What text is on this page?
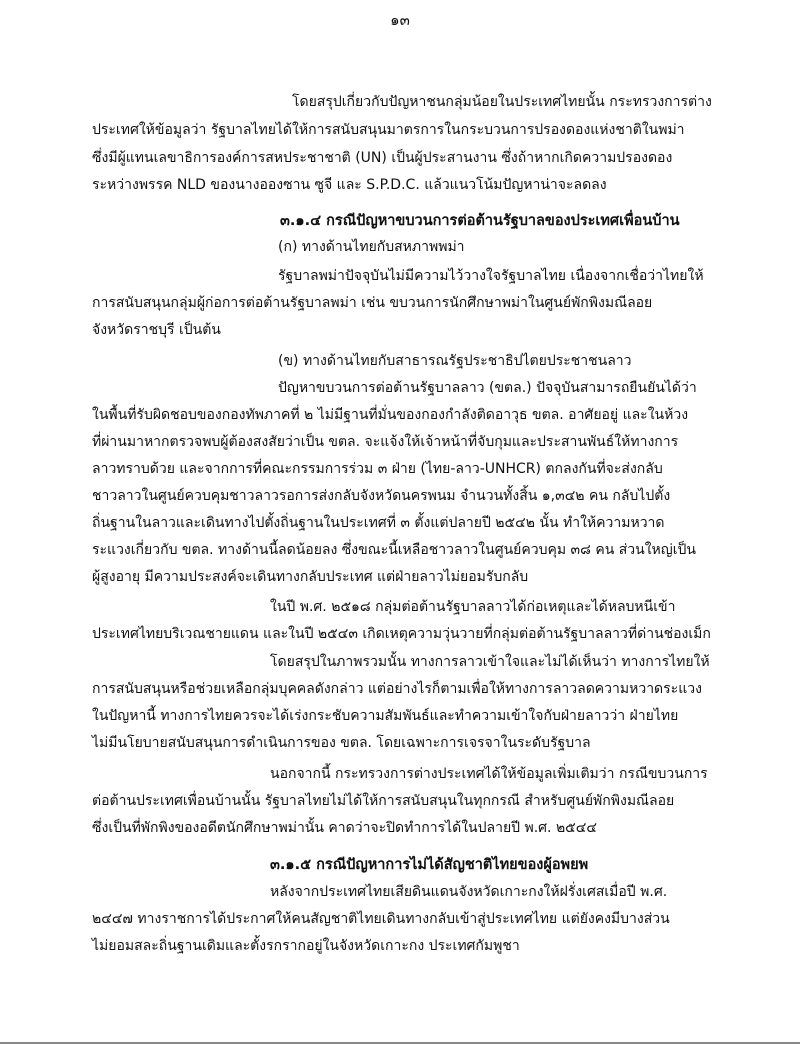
๑๓
โดยสรุปเกี่ยวกับปัญหาชนกลุ่มน้อยในประเทศไทยนั้น กระทรวงการต่าง
ประเทศให้ข้อมูลว่า รัฐบาลไทยได้ให้การสนับสนุนมาตรการในกระบวนการปรองดองแห่งชาติในพม่า
ซึ่งมีผู้แทนเลขาธิการองค์การสหประชาชาติ (UN) เป็นผู้ประสานงาน ซึ่งถ้าหากเกิดความปรองดอง
ระหว่างพรรค NLD ของนางอองซาน ซูจี และ S.P.D.C. แล้วแนวโน้มปัญหาน่าจะลดลง
๓.๑.๔ กรณีปัญหาขบวนการต่อต้านรัฐบาลของประเทศเพื่อนบ้าน
(ก) ทางด้านไทยกับสหภาพพม่า
รัฐบาลพม่าปัจจุบันไม่มีความไว้วางใจรัฐบาลไทย เนื่องจากเชื่อว่าไทยให้
การสนับสนุนกลุ่มผู้ก่อการต่อต้านรัฐบาลพม่า เช่น ขบวนการนักศึกษาพม่าในศูนย์พักพิงมณีลอย
จังหวัดราชบุรี เป็นต้น
(ข) ทางด้านไทยกับสาธารณรัฐประชาธิปไตยประชาชนลาว
ปัญหาขบวนการต่อต้านรัฐบาลลาว (ขตล.) ปัจจุบันสามารถยืนยันได้ว่า
ในพื้นที่รับผิดชอบของกองทัพภาคที่ ๒ ไม่มีฐานที่มั่นของกองกำลังติดอาวุธ ขตล. อาศัยอยู่ และในห้วง
ที่ผ่านมาหากตรวจพบผู้ต้องสงสัยว่าเป็น ขตล. จะแจ้งให้เจ้าหน้าที่จับกุมและประสานพันธ์ให้ทางการ
ลาวทราบด้วย และจากการที่คณะกรรมการร่วม ๓ ฝ่าย (ไทย-ลาว-UNHCR) ตกลงกันที่จะส่งกลับ
ชาวลาวในศูนย์ควบคุมชาวลาวรอการส่งกลับจังหวัดนครพนม จำนวนทั้งสิ้น ๑,๓๔๒ คน กลับไปตั้ง
ถิ่นฐานในลาวและเดินทางไปตั้งถิ่นฐานในประเทศที่ ๓ ตั้งแต่ปลายปี ๒๕๔๒ นั้น ทำให้ความหวาด
ระแวงเกี่ยวกับ ขตล. ทางด้านนี้ลดน้อยลง ซึ่งขณะนี้เหลือชาวลาวในศูนย์ควบคุม ๓๘ คน ส่วนใหญ่เป็น
ผู้สูงอายุ มีความประสงค์จะเดินทางกลับประเทศ แต่ฝ่ายลาวไม่ยอมรับกลับ
ในปี พ.ศ. ๒๕๑๘ กลุ่มต่อต้านรัฐบาลลาวได้ก่อเหตุและได้หลบหนีเข้า
ประเทศไทยบริเวณชายแดน และในปี ๒๕๔๓ เกิดเหตุความวุ่นวายที่กลุ่มต่อต้านรัฐบาลลาวที่ด่านช่องเม็ก
โดยสรุปในภาพรวมนั้น ทางการลาวเข้าใจและไม่ได้เห็นว่า ทางการไทยให้
การสนับสนุนหรือช่วยเหลือกลุ่มบุคคลดังกล่าว แต่อย่างไรก็ตามเพื่อให้ทางการลาวลดความหวาดระแวง
ในปัญหานี้ ทางการไทยควรจะได้เร่งกระชับความสัมพันธ์และทำความเข้าใจกับฝ่ายลาวว่า ฝ่ายไทย
ไม่มีนโยบายสนับสนุนการดำเนินการของ ขตล. โดยเฉพาะการเจรจาในระดับรัฐบาล
นอกจากนี้ กระทรวงการต่างประเทศได้ให้ข้อมูลเพิ่มเติมว่า กรณีขบวนการ
ต่อต้านประเทศเพื่อนบ้านนั้น รัฐบาลไทยไม่ได้ให้การสนับสนุนในทุกกรณี สำหรับศูนย์พักพิงมณีลอย
ซึ่งเป็นที่พักพิงของอดีตนักศึกษาพม่านั้น คาดว่าจะปิดทำการได้ในปลายปี พ.ศ. ๒๕๔๔
๓.๑.๕ กรณีปัญหาการไม่ได้สัญชาติไทยของผู้อพยพ
หลังจากประเทศไทยเสียดินแดนจังหวัดเกาะกงให้ฝรั่งเศสเมื่อปี พ.ศ.
๒๔๔๗ ทางราชการได้ประกาศให้คนสัญชาติไทยเดินทางกลับเข้าสู่ประเทศไทย แต่ยังคงมีบางส่วน
ไม่ยอมสละถิ่นฐานเดิมและตั้งรกรากอยู่ในจังหวัดเกาะกง ประเทศกัมพูชา
